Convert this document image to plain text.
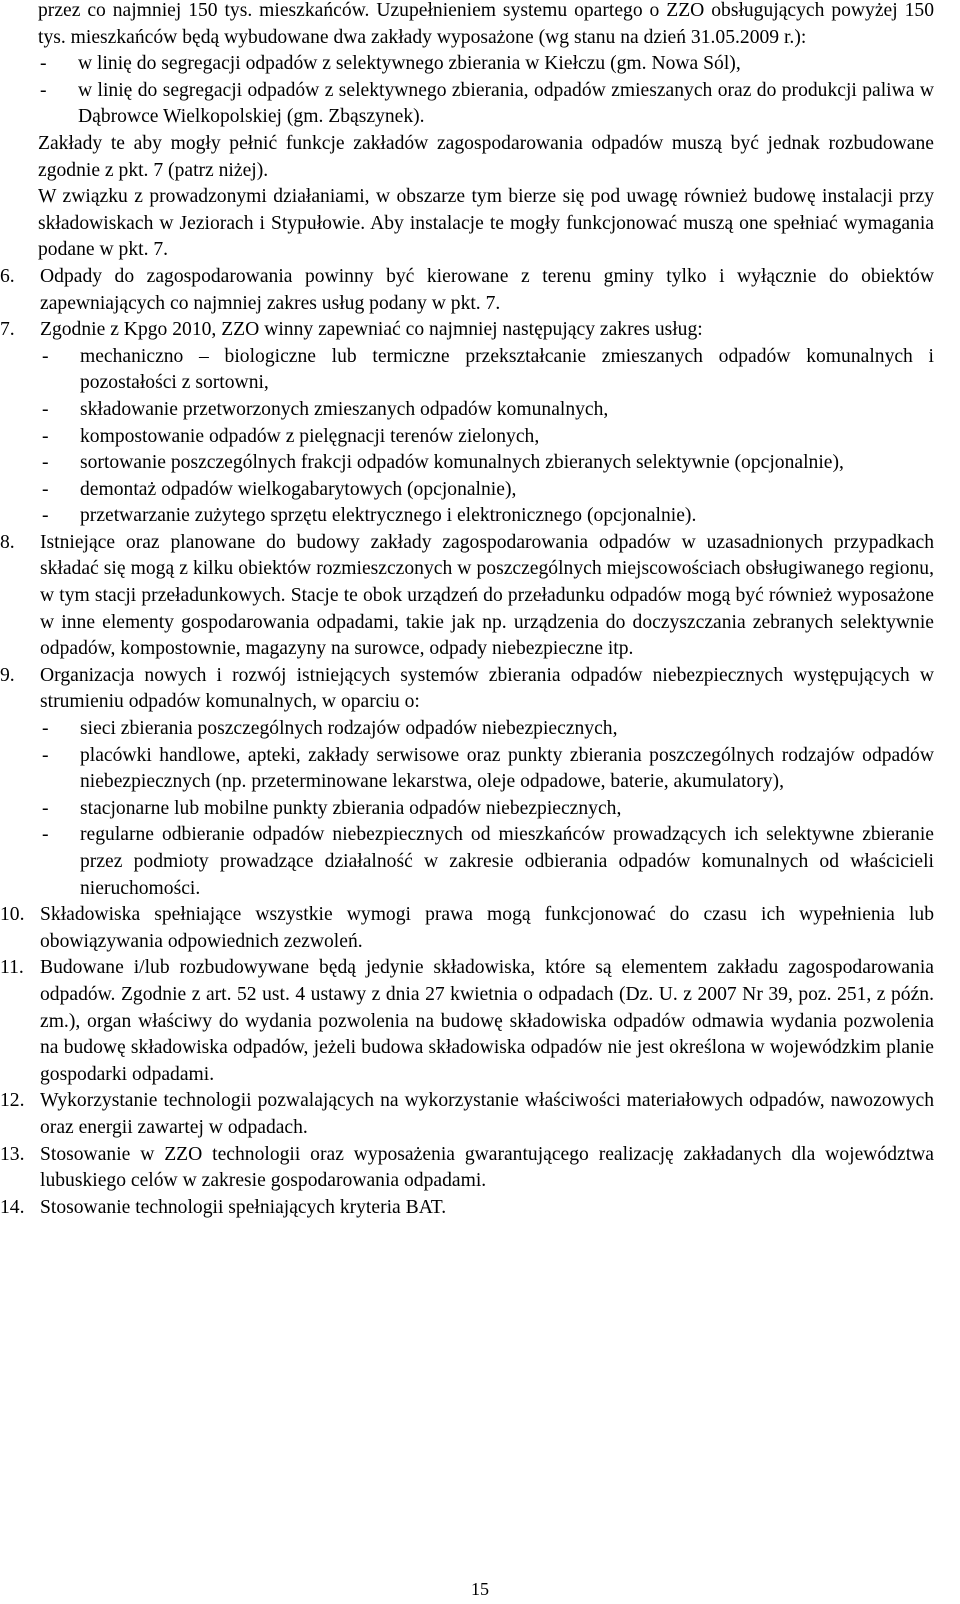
przez co najmniej 150 tys. mieszkańców. Uzupełnieniem systemu opartego o ZZO obsługujących powyżej 150 tys. mieszkańców będą wybudowane dwa zakłady wyposażone (wg stanu na dzień 31.05.2009 r.):

- w linię do segregacji odpadów z selektywnego zbierania w Kiełczu (gm. Nowa Sól),
- w linię do segregacji odpadów z selektywnego zbierania, odpadów zmieszanych oraz do produkcji paliwa w Dąbrowce Wielkopolskiej (gm. Zbąszynek).

Zakłady te aby mogły pełnić funkcje zakładów zagospodarowania odpadów muszą być jednak rozbudowane zgodnie z pkt. 7 (patrz niżej).

W związku z prowadzonymi działaniami, w obszarze tym bierze się pod uwagę również budowę instalacji przy składowiskach w Jeziorach i Stypułowie. Aby instalacje te mogły funkcjonować muszą one spełniać wymagania podane w pkt. 7.

6.	Odpady do zagospodarowania powinny być kierowane z terenu gminy tylko i wyłącznie do obiektów zapewniających co najmniej zakres usług podany w pkt. 7.

7.	Zgodnie z Kpgo 2010, ZZO winny zapewniać co najmniej następujący zakres usług:

- mechaniczno – biologiczne lub termiczne przekształcanie zmieszanych odpadów komunalnych i pozostałości z sortowni,
- składowanie przetworzonych zmieszanych odpadów komunalnych,
- kompostowanie odpadów z pielęgnacji terenów zielonych,
- sortowanie poszczególnych frakcji odpadów komunalnych zbieranych selektywnie (opcjonalnie),
- demontaż odpadów wielkogabarytowych (opcjonalnie),
- przetwarzanie zużytego sprzętu elektrycznego i elektronicznego (opcjonalnie).
8.	Istniejące oraz planowane do budowy zakłady zagospodarowania odpadów w uzasadnionych przypadkach składać się mogą z kilku obiektów rozmieszczonych w poszczególnych miejscowościach obsługiwanego regionu, w tym stacji przeładunkowych. Stacje te obok urządzeń do przeładunku odpadów mogą być również wyposażone w inne elementy gospodarowania odpadami, takie jak np. urządzenia do doczyszczania zebranych selektywnie odpadów, kompostownie, magazyny na surowce, odpady niebezpieczne itp.

9.	Organizacja nowych i rozwój istniejących systemów zbierania odpadów niebezpiecznych występujących w strumieniu odpadów komunalnych, w oparciu o:

- sieci zbierania poszczególnych rodzajów odpadów niebezpiecznych,
- placówki handlowe, apteki, zakłady serwisowe oraz punkty zbierania poszczególnych rodzajów odpadów niebezpiecznych (np. przeterminowane lekarstwa, oleje odpadowe, baterie, akumulatory),
- stacjonarne lub mobilne punkty zbierania odpadów niebezpiecznych,
- regularne odbieranie odpadów niebezpiecznych od mieszkańców prowadzących ich selektywne zbieranie przez podmioty prowadzące działalność w zakresie odbierania odpadów komunalnych od właścicieli nieruchomości.
10. Składowiska spełniające wszystkie wymogi prawa mogą funkcjonować do czasu ich wypełnienia lub obowiązywania odpowiednich zezwoleń.

11. Budowane i/lub rozbudowywane będą jedynie składowiska, które są elementem zakładu zagospodarowania odpadów. Zgodnie z art. 52 ust. 4 ustawy z dnia 27 kwietnia o odpadach (Dz. U. z 2007 Nr 39, poz. 251, z późn. zm.), organ właściwy do wydania pozwolenia na budowę składowiska odpadów odmawia wydania pozwolenia na budowę składowiska odpadów, jeżeli budowa składowiska odpadów nie jest określona w wojewódzkim planie gospodarki odpadami.

12. Wykorzystanie technologii pozwalających na wykorzystanie właściwości materiałowych odpadów, nawozowych oraz energii zawartej w odpadach.

13. Stosowanie w ZZO technologii oraz wyposażenia gwarantującego realizację zakładanych dla województwa lubuskiego celów w zakresie gospodarowania odpadami.

14. Stosowanie technologii spełniających kryteria BAT.

15
